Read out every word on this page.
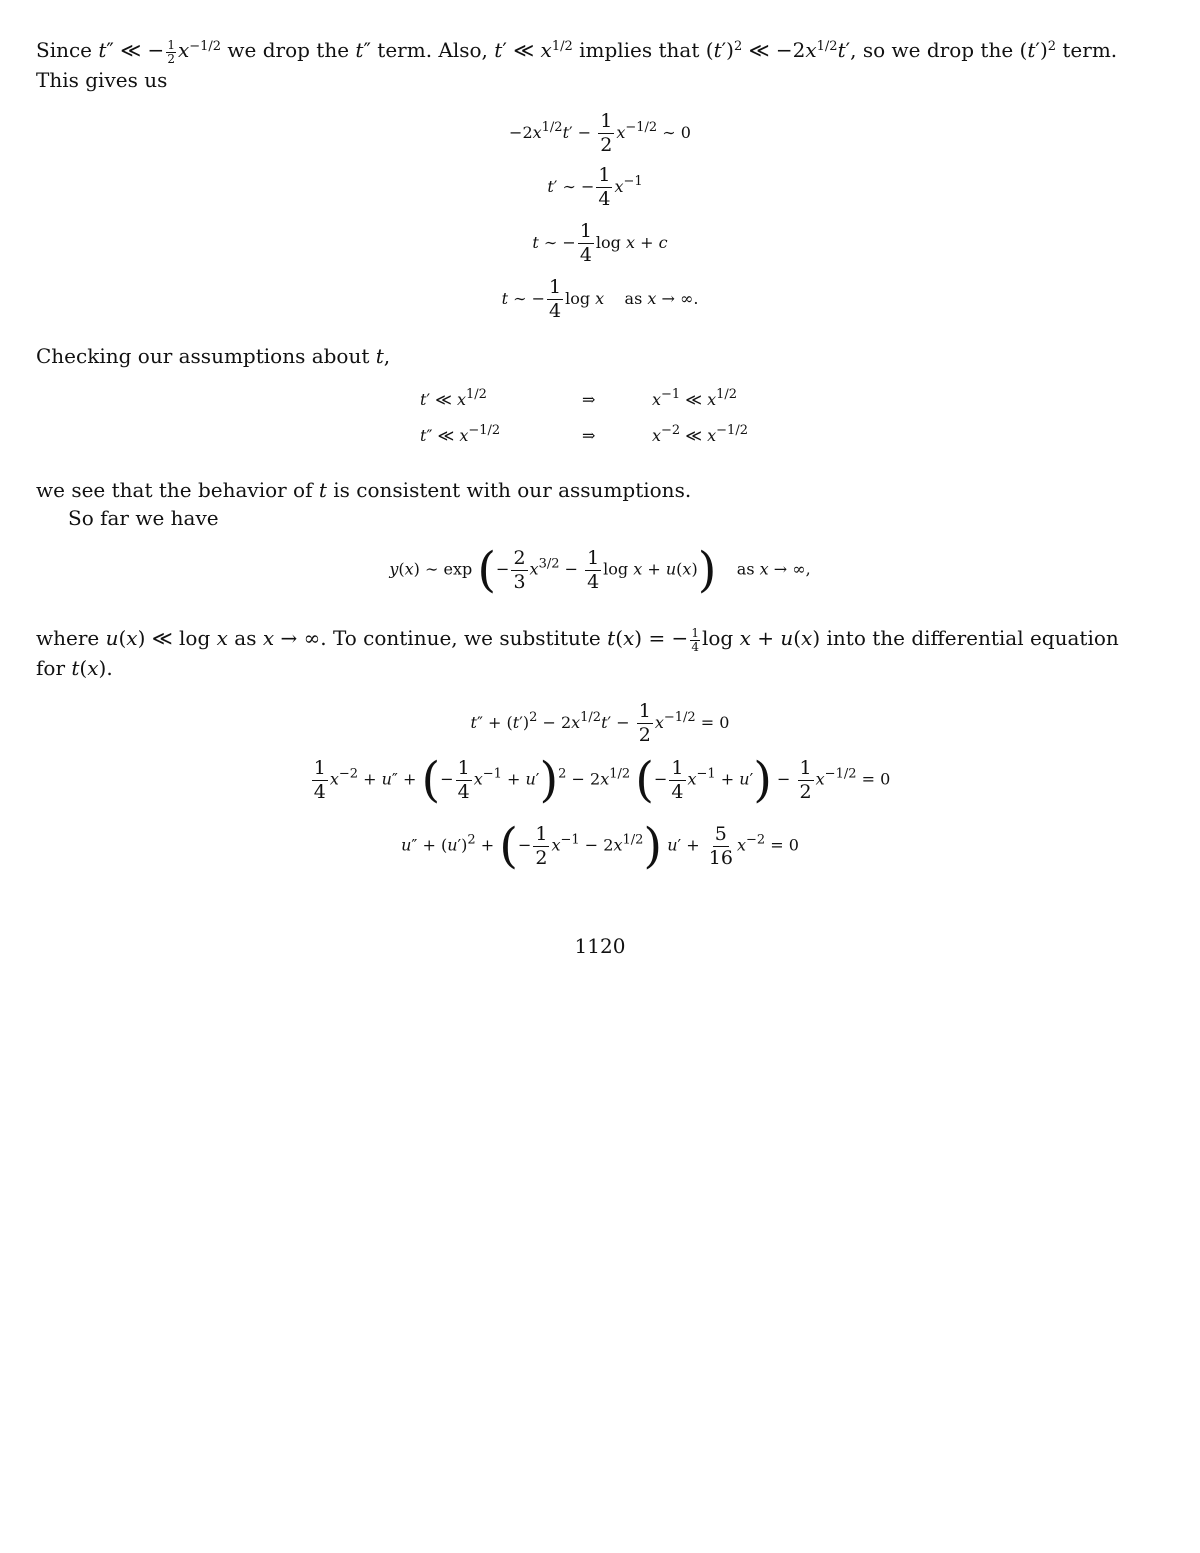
Since t″ ≪ − $\frac{1}{2} x^{-1/2}$ we drop the t″ term. Also, t′ ≪ $x^{1/2}$ implies that $(t')^2$ ≪ $-2x^{1/2}t'$, so we drop the $(t')^2$ term.
This gives us
$-2x^{1/2}t' - \frac{1}{2} x^{-1/2}$ ∼ 0
t′ ∼ − $\frac{1}{4} x^{-1}$
t ∼ − $\frac{1}{4}$ log x + c
t ∼ − $\frac{1}{4}$ log x as x → ∞.
Checking our assumptions about t,
t′ ≪ $x^{1/2}$	⇒	$x^{-1}$ ≪ $x^{1/2}$
t″ ≪ $x^{-1/2}$	⇒	$x^{-2}$ ≪ $x^{-1/2}$
we see that the behavior of t is consistent with our assumptions.
So far we have
y(x) ∼ exp (− $\frac{2}{3} x^{3/2} - \frac{1}{4}$ log x + u(x)) as x → ∞,
where u(x) ≪ log x as x → ∞. To continue, we substitute t(x) = − $\frac{1}{4}$ log x + u(x) into the differential equation
for t(x).
$t'' + (t')^2 - 2x^{1/2}t' - \frac{1}{2} x^{-1/2} = 0$
$\frac{1}{4} x^{-2} + u''$ + (− $\frac{1}{4} x^{-1} + u')^2 - 2x^{1/2}$ (− $\frac{1}{4} x^{-1} + u') - \frac{1}{2} x^{-1/2} = 0$
$u'' + (u')^2$ + (− $\frac{1}{2} x^{-1} - 2x^{1/2}$) $u' + \frac{5}{16} x^{-2} = 0$
1120
